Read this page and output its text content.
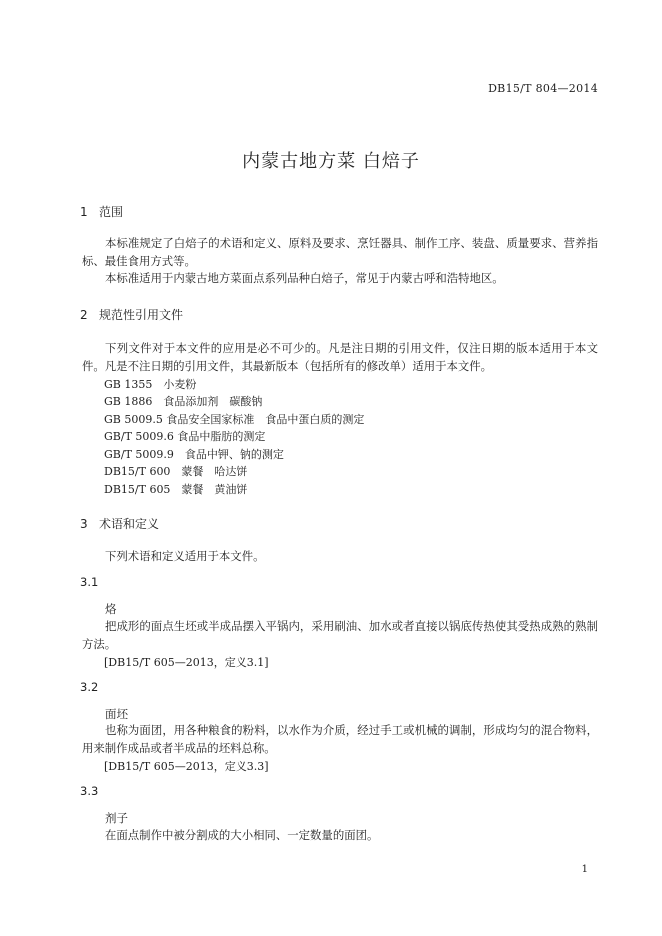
DB15/T 804—2014
内蒙古地方菜 白焙子
1 范围
本标准规定了白焙子的术语和定义、原料及要求、烹饪器具、制作工序、装盘、质量要求、营养指标、最佳食用方式等。
本标准适用于内蒙古地方菜面点系列品种白焙子，常见于内蒙古呼和浩特地区。
2 规范性引用文件
下列文件对于本文件的应用是必不可少的。凡是注日期的引用文件，仅注日期的版本适用于本文件。凡是不注日期的引用文件，其最新版本（包括所有的修改单）适用于本文件。
GB 1355　小麦粉
GB 1886　食品添加剂　碳酸钠
GB 5009.5 食品安全国家标准　食品中蛋白质的测定
GB/T 5009.6 食品中脂肪的测定
GB/T 5009.9　食品中钾、钠的测定
DB15/T 600　蒙餐　哈达饼
DB15/T 605　蒙餐　黄油饼
3 术语和定义
下列术语和定义适用于本文件。
3.1
烙
把成形的面点生坯或半成品摆入平锅内，采用刷油、加水或者直接以锅底传热使其受热成熟的熟制方法。
[DB15/T 605—2013，定义3.1]
3.2
面坯
也称为面团，用各种粮食的粉料，以水作为介质，经过手工或机械的调制，形成均匀的混合物料，用来制作成品或者半成品的坯料总称。
[DB15/T 605—2013，定义3.3]
3.3
剂子
在面点制作中被分割成的大小相同、一定数量的面团。
1
